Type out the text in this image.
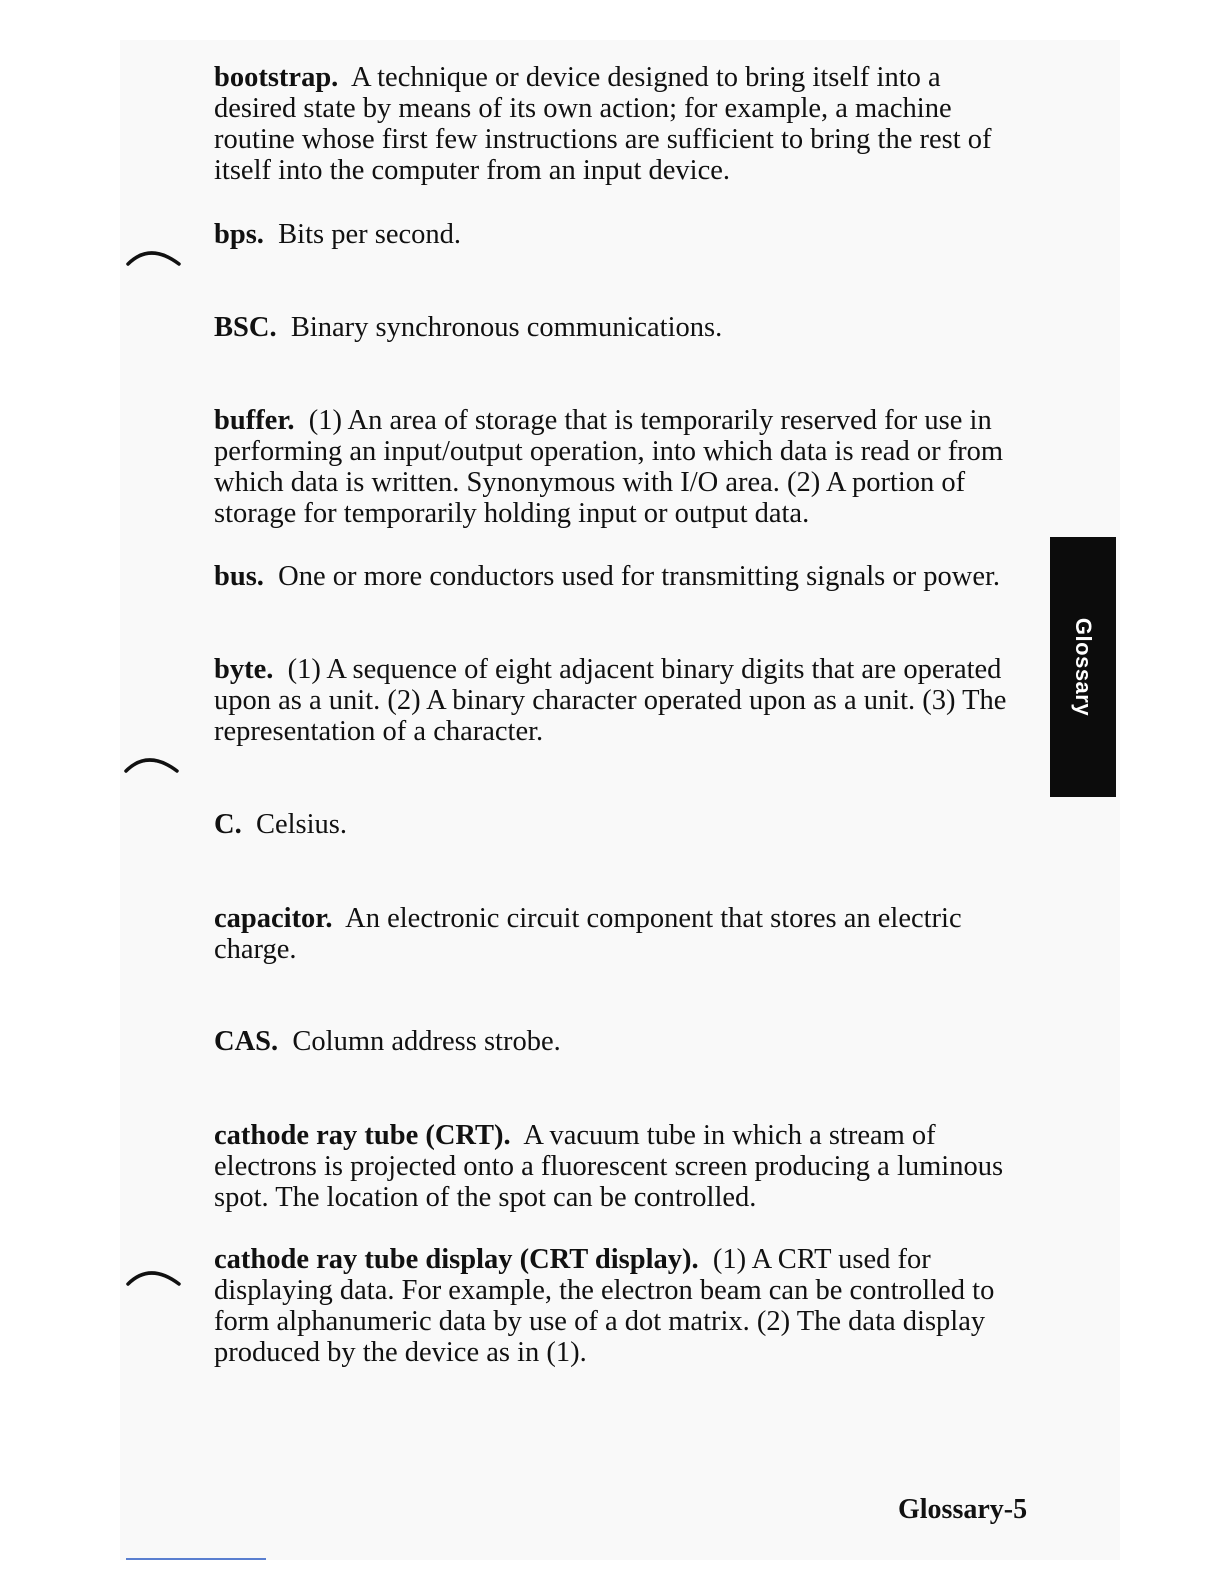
bootstrap. A technique or device designed to bring itself into a desired state by means of its own action; for example, a machine routine whose first few instructions are sufficient to bring the rest of itself into the computer from an input device.

bps. Bits per second.

BSC. Binary synchronous communications.

buffer. (1) An area of storage that is temporarily reserved for use in performing an input/output operation, into which data is read or from which data is written. Synonymous with I/O area. (2) A portion of storage for temporarily holding input or output data.

bus. One or more conductors used for transmitting signals or power.

byte. (1) A sequence of eight adjacent binary digits that are operated upon as a unit. (2) A binary character operated upon as a unit. (3) The representation of a character.

C. Celsius.

capacitor. An electronic circuit component that stores an electric charge.

CAS. Column address strobe.

cathode ray tube (CRT). A vacuum tube in which a stream of electrons is projected onto a fluorescent screen producing a luminous spot. The location of the spot can be controlled.

cathode ray tube display (CRT display). (1) A CRT used for displaying data. For example, the electron beam can be controlled to form alphanumeric data by use of a dot matrix. (2) The data display produced by the device as in (1).

Glossary

Glossary-5
